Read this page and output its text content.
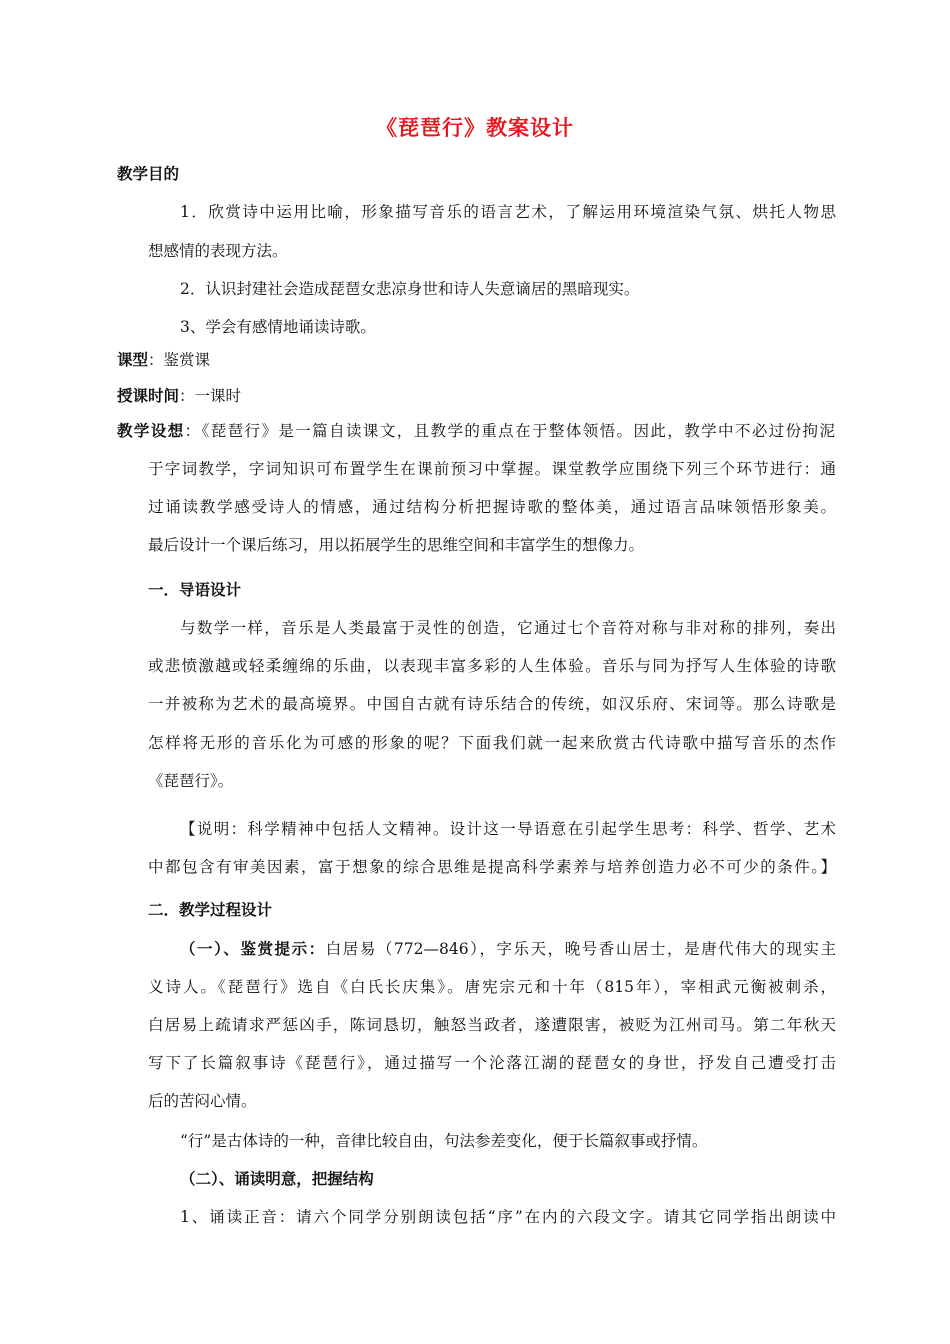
《琵琶行》教案设计
教学目的
1．欣赏诗中运用比喻，形象描写音乐的语言艺术，了解运用环境渲染气氛、烘托人物思
想感情的表现方法。
2．认识封建社会造成琵琶女悲凉身世和诗人失意谪居的黑暗现实。
3、学会有感情地诵读诗歌。
课型：鉴赏课
授课时间：一课时
教学设想：《琵琶行》是一篇自读课文，且教学的重点在于整体领悟。因此，教学中不必过份拘泥
于字词教学，字词知识可布置学生在课前预习中掌握。课堂教学应围绕下列三个环节进行：通
过诵读教学感受诗人的情感，通过结构分析把握诗歌的整体美，通过语言品味领悟形象美。
最后设计一个课后练习，用以拓展学生的思维空间和丰富学生的想像力。
一．导语设计
与数学一样，音乐是人类最富于灵性的创造，它通过七个音符对称与非对称的排列，奏出
或悲愤激越或轻柔缠绵的乐曲，以表现丰富多彩的人生体验。音乐与同为抒写人生体验的诗歌
一并被称为艺术的最高境界。中国自古就有诗乐结合的传统，如汉乐府、宋词等。那么诗歌是
怎样将无形的音乐化为可感的形象的呢？下面我们就一起来欣赏古代诗歌中描写音乐的杰作
《琵琶行》。
【说明：科学精神中包括人文精神。设计这一导语意在引起学生思考：科学、哲学、艺术
中都包含有审美因素，富于想象的综合思维是提高科学素养与培养创造力必不可少的条件。】
二．教学过程设计
（一）、鉴赏提示：白居易（772—846），字乐天，晚号香山居士，是唐代伟大的现实主
义诗人。《琵琶行》选自《白氏长庆集》。唐宪宗元和十年（815年），宰相武元衡被刺杀，
白居易上疏请求严惩凶手，陈词恳切，触怒当政者，遂遭限害，被贬为江州司马。第二年秋天
写下了长篇叙事诗《琵琶行》，通过描写一个沦落江湖的琵琶女的身世，抒发自己遭受打击
后的苦闷心情。
“行”是古体诗的一种，音律比较自由，句法参差变化，便于长篇叙事或抒情。
（二）、诵读明意，把握结构
1、诵读正音：请六个同学分别朗读包括“序”在内的六段文字。请其它同学指出朗读中
